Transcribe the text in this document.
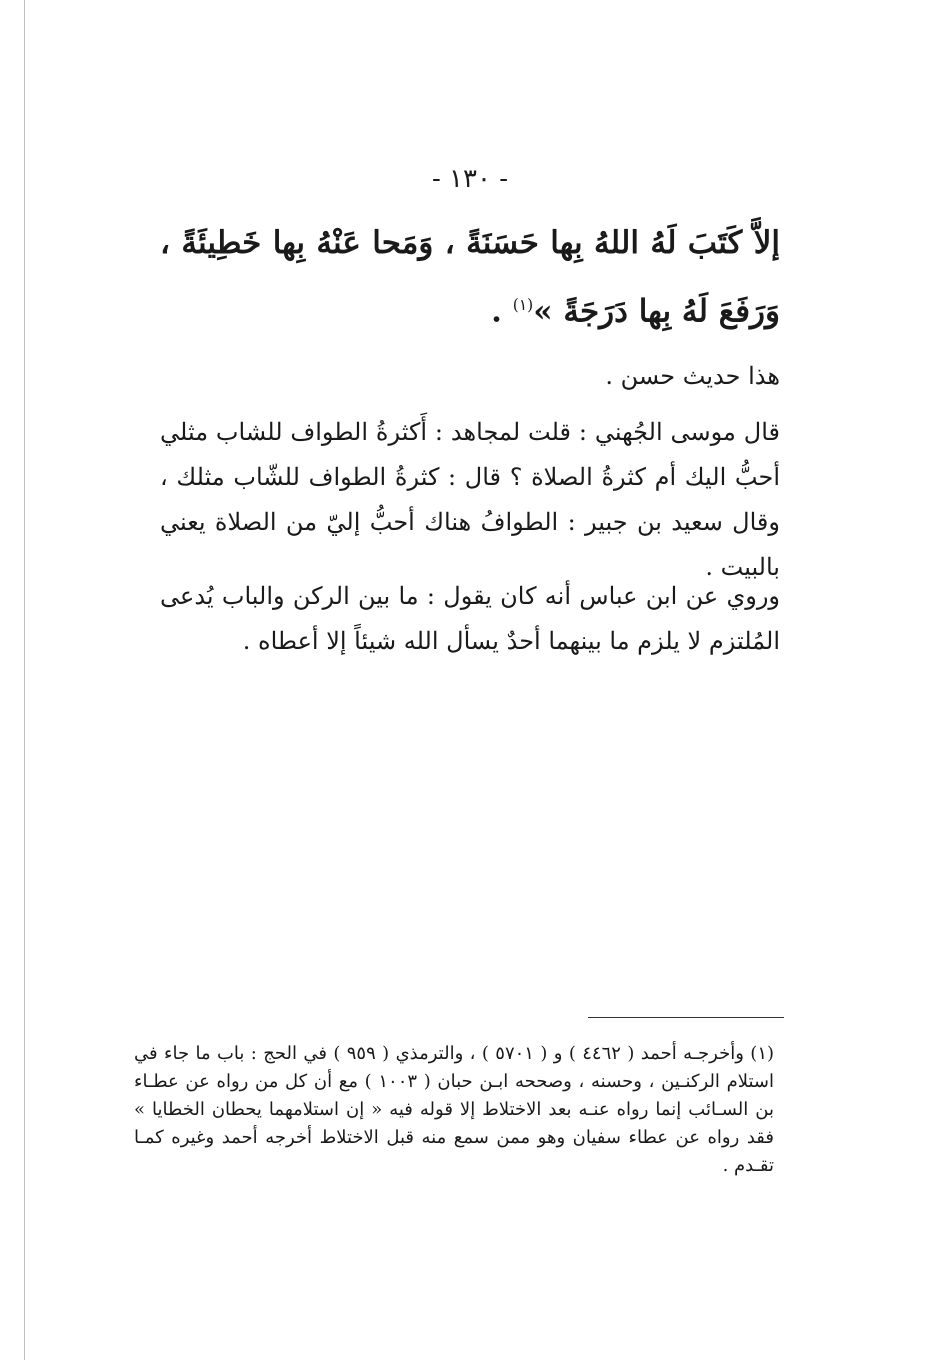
- ١٣٠ -
إلاَّ كَتَبَ لَهُ اللهُ بِها حَسَنَةً ، وَمَحا عَنْهُ بِها خَطِيئَةً ، وَرَفَعَ لَهُ بِها دَرَجَةً »$^{(١)}$ .
هذا حديث حسن .
قال موسى الجُهني : قلت لمجاهد : أَكثرةُ الطواف للشاب مثلي أحبُّ اليك أم كثرةُ الصلاة ؟ قال : كثرةُ الطواف للشّاب مثلك ، وقال سعيد بن جبير : الطوافُ هناك أحبُّ إليّ من الصلاة يعني بالبيت .
وروي عن ابن عباس أنه كان يقول : ما بين الركن والباب يُدعى المُلتزم لا يلزم ما بينهما أحدٌ يسأل الله شيئاً إلا أعطاه .
(١) وأخرجـه أحمد ( ٤٤٦٢ ) و ( ٥٧٠١ ) ، والترمذي ( ٩٥٩ ) في الحج : باب ما جاء في استلام الركنـين ، وحسنه ، وصححه ابـن حبان ( ١٠٠٣ ) مع أن كل من رواه عن عطـاء بن السـائب إنما رواه عنـه بعد الاختلاط إلا قوله فيه « إن استلامهما يحطان الخطايا » فقد رواه عن عطاء سفيان وهو ممن سمع منه قبل الاختلاط أخرجه أحمد وغيره كمـا تقـدم .
